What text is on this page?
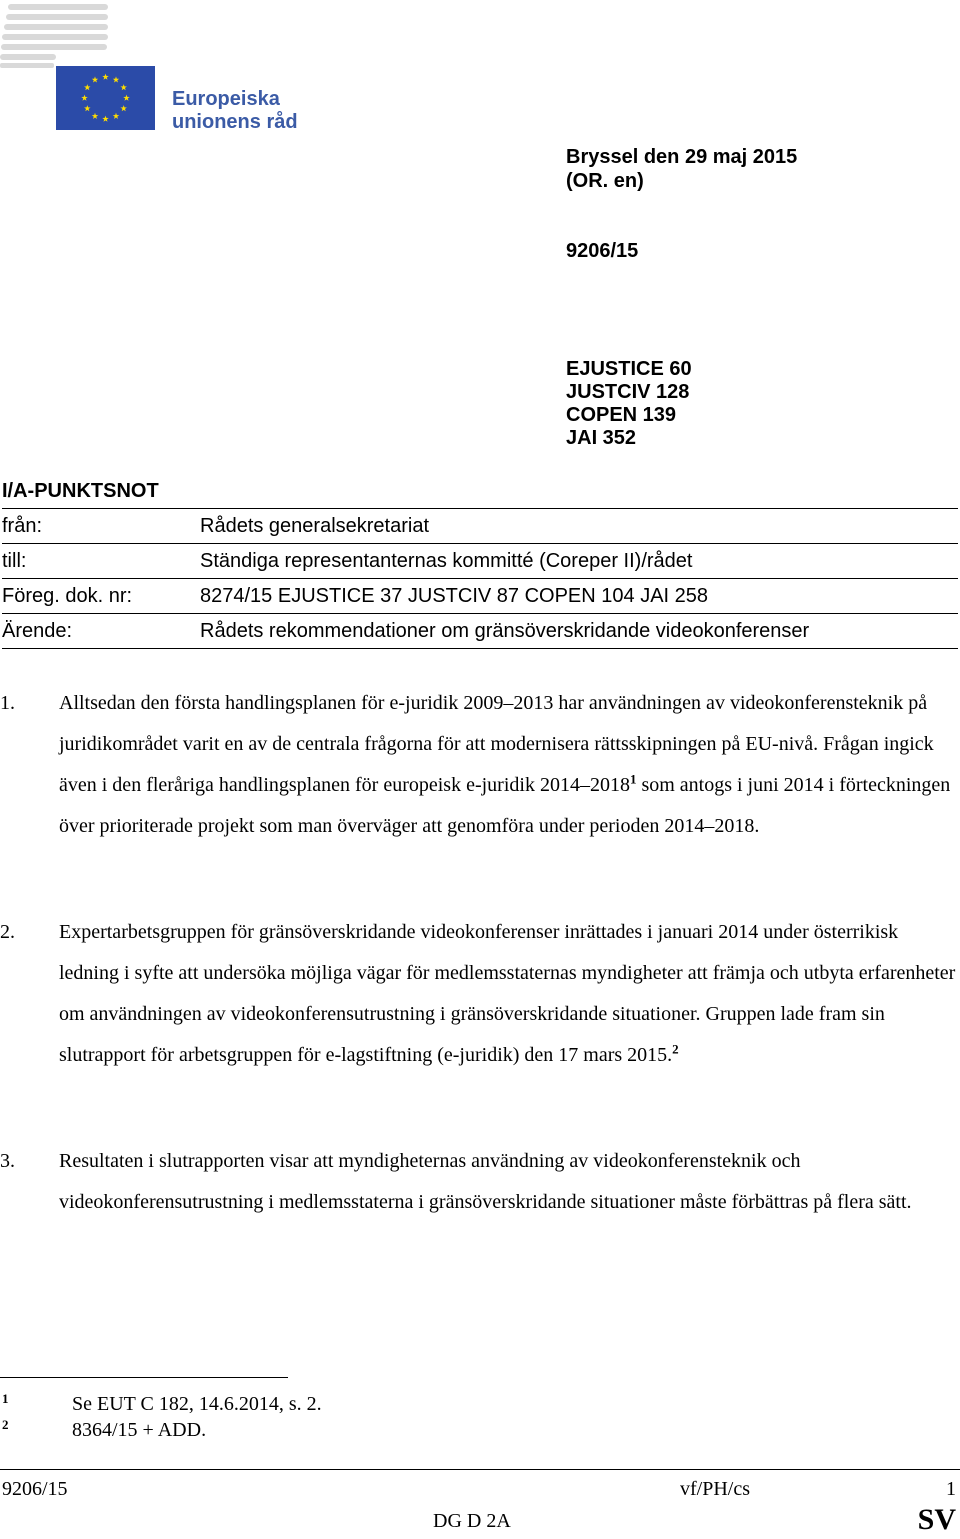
Europeiska
unionens råd
Bryssel den 29 maj 2015
(OR. en)
9206/15
EJUSTICE 60
JUSTCIV 128
COPEN 139
JAI 352
I/A-PUNKTSNOT
från:	Rådets generalsekretariat
till:	Ständiga representanternas kommitté (Coreper II)/rådet
Föreg. dok. nr:	8274/15 EJUSTICE 37 JUSTCIV 87 COPEN 104 JAI 258
Ärende:	Rådets rekommendationer om gränsöverskridande videokonferenser
1. Alltsedan den första handlingsplanen för e-juridik 2009–2013 har användningen av videokonferensteknik på juridikområdet varit en av de centrala frågorna för att modernisera rättsskipningen på EU-nivå. Frågan ingick även i den fleråriga handlingsplanen för europeisk e-juridik 2014–2018$^1$ som antogs i juni 2014 i förteckningen över prioriterade projekt som man överväger att genomföra under perioden 2014–2018.
2. Expertarbetsgruppen för gränsöverskridande videokonferenser inrättades i januari 2014 under österrikisk ledning i syfte att undersöka möjliga vägar för medlemsstaternas myndigheter att främja och utbyta erfarenheter om användningen av videokonferensutrustning i gränsöverskridande situationer. Gruppen lade fram sin slutrapport för arbetsgruppen för e-lagstiftning (e-juridik) den 17 mars 2015.$^2$
3. Resultaten i slutrapporten visar att myndigheternas användning av videokonferensteknik och videokonferensutrustning i medlemsstaterna i gränsöverskridande situationer måste förbättras på flera sätt.
1	Se EUT C 182, 14.6.2014, s. 2.
2	8364/15 + ADD.
9206/15	vf/PH/cs	1
DG D 2A	SV
